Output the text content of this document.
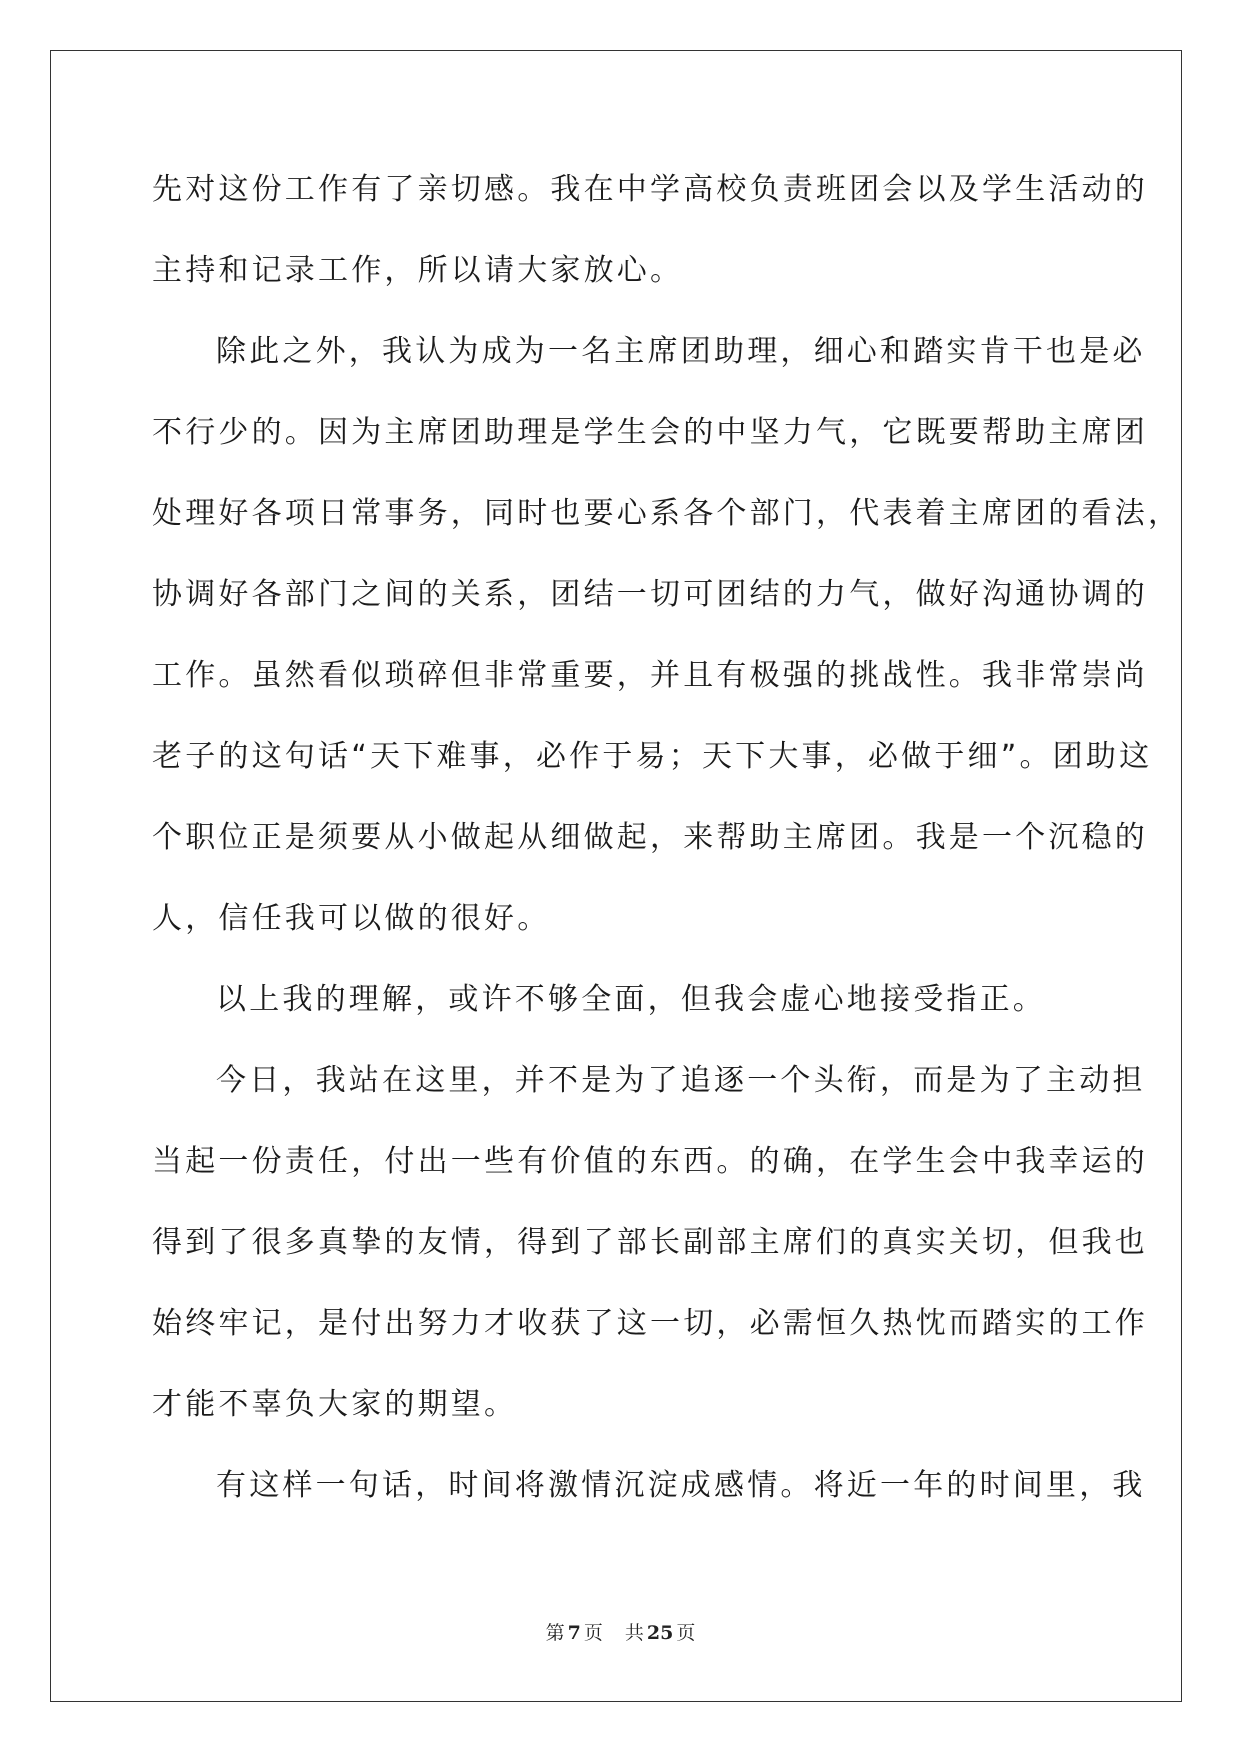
先对这份工作有了亲切感。我在中学高校负责班团会以及学生活动的
主持和记录工作，所以请大家放心。
除此之外，我认为成为一名主席团助理，细心和踏实肯干也是必
不行少的。因为主席团助理是学生会的中坚力气，它既要帮助主席团
处理好各项日常事务，同时也要心系各个部门，代表着主席团的看法，
协调好各部门之间的关系，团结一切可团结的力气，做好沟通协调的
工作。虽然看似琐碎但非常重要，并且有极强的挑战性。我非常崇尚
老子的这句话“天下难事，必作于易；天下大事，必做于细”。团助这
个职位正是须要从小做起从细做起，来帮助主席团。我是一个沉稳的
人，信任我可以做的很好。
以上我的理解，或许不够全面，但我会虚心地接受指正。
今日，我站在这里，并不是为了追逐一个头衔，而是为了主动担
当起一份责任，付出一些有价值的东西。的确，在学生会中我幸运的
得到了很多真挚的友情，得到了部长副部主席们的真实关切，但我也
始终牢记，是付出努力才收获了这一切，必需恒久热忱而踏实的工作
才能不辜负大家的期望。
有这样一句话，时间将激情沉淀成感情。将近一年的时间里，我
第 7 页 共 25 页
